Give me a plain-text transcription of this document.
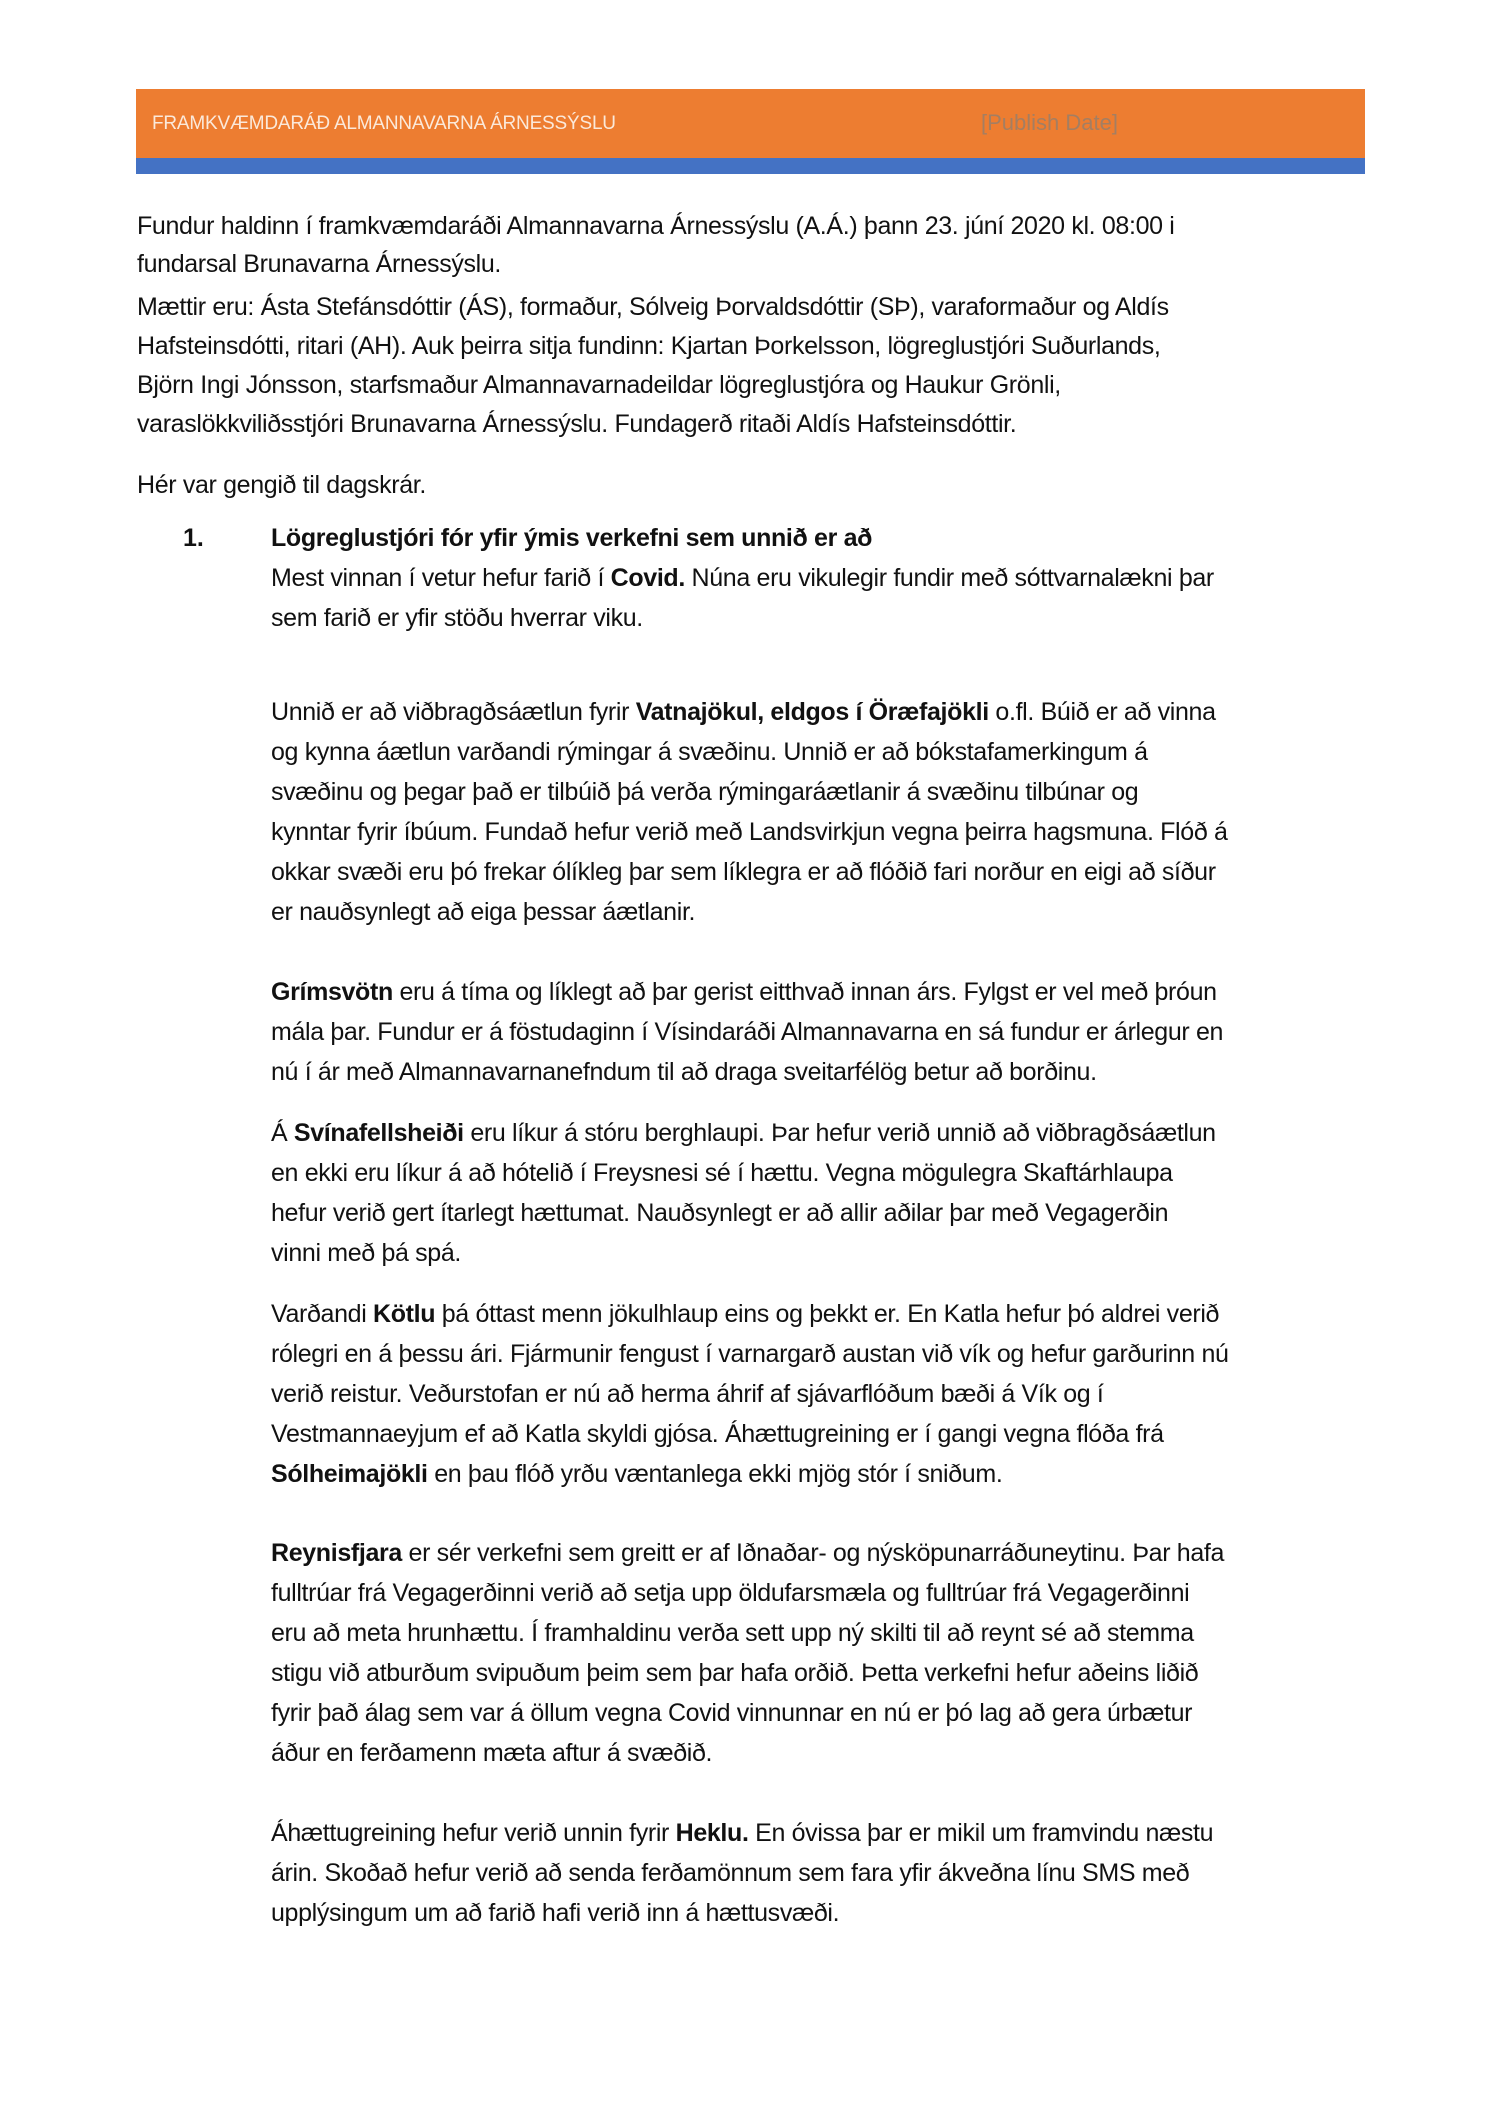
FRAMKVÆMDARÁÐ ALMANNAVARNA ÁRNESSÝSLU	[Publish Date]
Fundur haldinn í framkvæmdaráði Almannavarna Árnessýslu (A.Á.) þann 23. júní 2020 kl. 08:00 i
fundarsal Brunavarna Árnessýslu.
Mættir eru: Ásta Stefánsdóttir (ÁS), formaður, Sólveig Þorvaldsdóttir (SÞ), varaformaður og Aldís
Hafsteinsdótti, ritari (AH). Auk þeirra sitja fundinn: Kjartan Þorkelsson, lögreglustjóri Suðurlands,
Björn Ingi Jónsson, starfsmaður Almannavarnadeildar lögreglustjóra og Haukur Grönli,
varaslökkviliðsstjóri Brunavarna Árnessýslu. Fundagerð ritaði Aldís Hafsteinsdóttir.
Hér var gengið til dagskrár.
1.	Lögreglustjóri fór yfir ýmis verkefni sem unnið er að
Mest vinnan í vetur hefur farið í Covid. Núna eru vikulegir fundir með sóttvarnalækni þar
sem farið er yfir stöðu hverrar viku.
Unnið er að viðbragðsáætlun fyrir Vatnajökul, eldgos í Öræfajökli o.fl. Búið er að vinna
og kynna áætlun varðandi rýmingar á svæðinu. Unnið er að bókstafamerkingum á
svæðinu og þegar það er tilbúið þá verða rýmingaráætlanir á svæðinu tilbúnar og
kynntar fyrir íbúum. Fundað hefur verið með Landsvirkjun vegna þeirra hagsmuna. Flóð á
okkar svæði eru þó frekar ólíkleg þar sem líklegra er að flóðið fari norður en eigi að síður
er nauðsynlegt að eiga þessar áætlanir.
Grímsvötn eru á tíma og líklegt að þar gerist eitthvað innan árs. Fylgst er vel með þróun
mála þar. Fundur er á föstudaginn í Vísindaráði Almannavarna en sá fundur er árlegur en
nú í ár með Almannavarnanefndum til að draga sveitarfélög betur að borðinu.
Á Svínafellsheiði eru líkur á stóru berghlaupi. Þar hefur verið unnið að viðbragðsáætlun
en ekki eru líkur á að hótelið í Freysnesi sé í hættu. Vegna mögulegra Skaftárhlaupa
hefur verið gert ítarlegt hættumat. Nauðsynlegt er að allir aðilar þar með Vegagerðin
vinni með þá spá.
Varðandi Kötlu þá óttast menn jökulhlaup eins og þekkt er. En Katla hefur þó aldrei verið
rólegri en á þessu ári. Fjármunir fengust í varnargarð austan við vík og hefur garðurinn nú
verið reistur. Veðurstofan er nú að herma áhrif af sjávarflóðum bæði á Vík og í
Vestmannaeyjum ef að Katla skyldi gjósa. Áhættugreining er í gangi vegna flóða frá
Sólheimajökli en þau flóð yrðu væntanlega ekki mjög stór í sniðum.
Reynisfjara er sér verkefni sem greitt er af Iðnaðar- og nýsköpunarráðuneytinu. Þar hafa
fulltrúar frá Vegagerðinni verið að setja upp öldufarsmæla og fulltrúar frá Vegagerðinni
eru að meta hrunhættu. Í framhaldinu verða sett upp ný skilti til að reynt sé að stemma
stigu við atburðum svipuðum þeim sem þar hafa orðið. Þetta verkefni hefur aðeins liðið
fyrir það álag sem var á öllum vegna Covid vinnunnar en nú er þó lag að gera úrbætur
áður en ferðamenn mæta aftur á svæðið.
Áhættugreining hefur verið unnin fyrir Heklu. En óvissa þar er mikil um framvindu næstu
árin. Skoðað hefur verið að senda ferðamönnum sem fara yfir ákveðna línu SMS með
upplýsingum um að farið hafi verið inn á hættusvæði.
